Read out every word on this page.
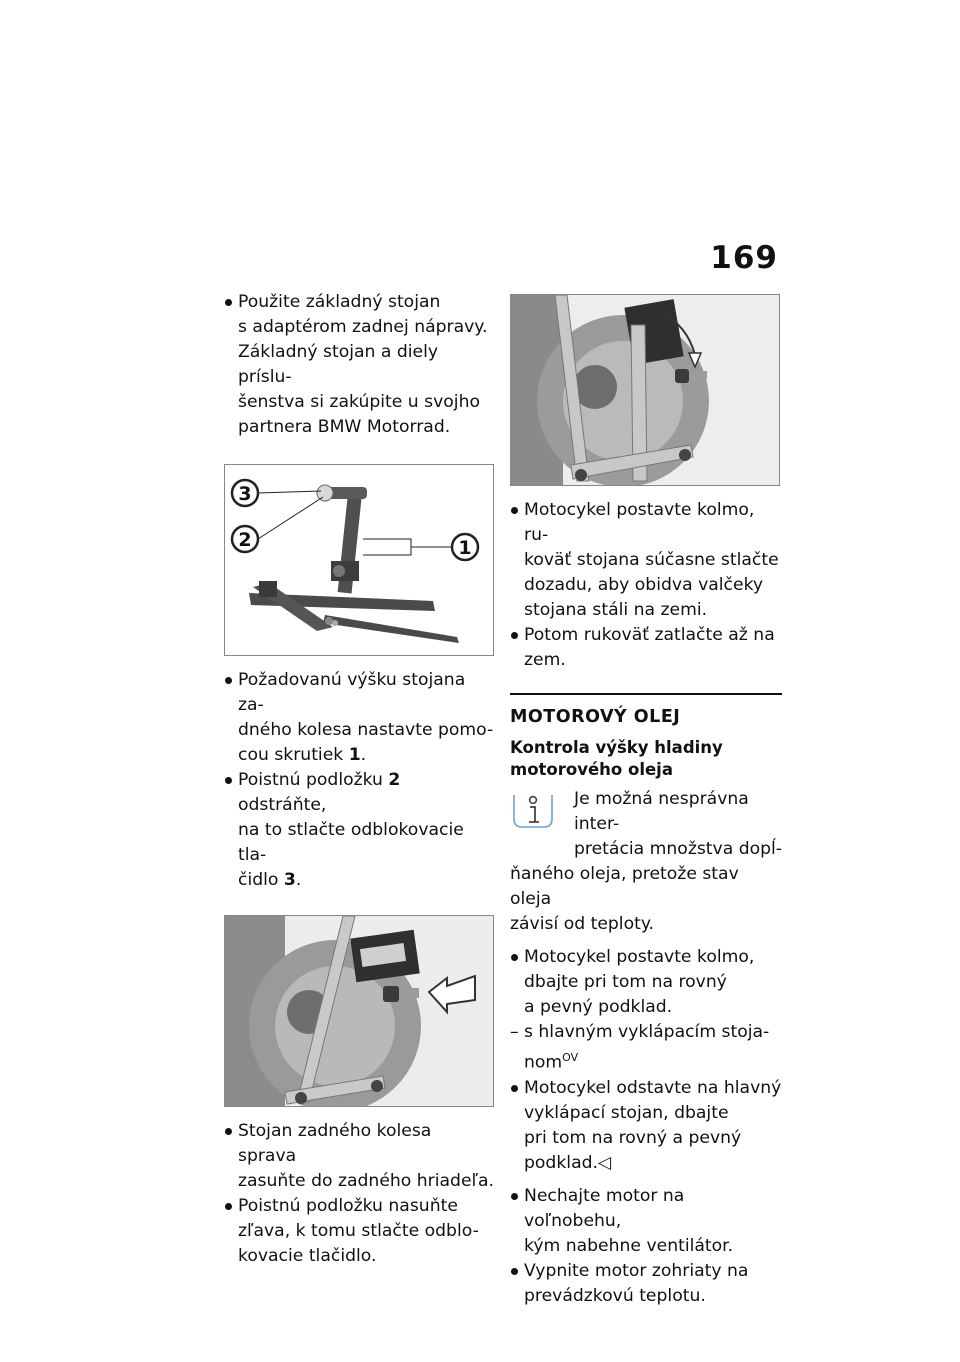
169
Použite základný stojan
s adaptérom zadnej nápravy.
Základný stojan a diely príslu-
šenstva si zakúpite u svojho
partnera BMW Motorrad.
3
2	1
Požadovanú výšku stojana za-
dného kolesa nastavte pomo-
cou skrutiek 1.
Poistnú podložku 2 odstráňte,
na to stlačte odblokovacie tla-
čidlo 3.
Stojan zadného kolesa sprava
zasuňte do zadného hriadeľa.
Poistnú podložku nasuňte
zľava, k tomu stlačte odblo-
kovacie tlačidlo.
Motocykel postavte kolmo, ru-
koväť stojana súčasne stlačte
dozadu, aby obidva valčeky
stojana stáli na zemi.
Potom rukoväť zatlačte až na
zem.
MOTOROVÝ OLEJ
Kontrola výšky hladiny
motorového oleja
Je možná nesprávna inter-
pretácia množstva dopĺ-
ňaného oleja, pretože stav oleja
závisí od teploty.
Motocykel postavte kolmo,
dbajte pri tom na rovný
a pevný podklad.
– s hlavným vyklápacím stoja-
nom$^{OV}$
Motocykel odstavte na hlavný
vyklápací stojan, dbajte
pri tom na rovný a pevný
podklad.◁
Nechajte motor na voľnobehu,
kým nabehne ventilátor.
Vypnite motor zohriaty na
prevádzkovú teplotu.
